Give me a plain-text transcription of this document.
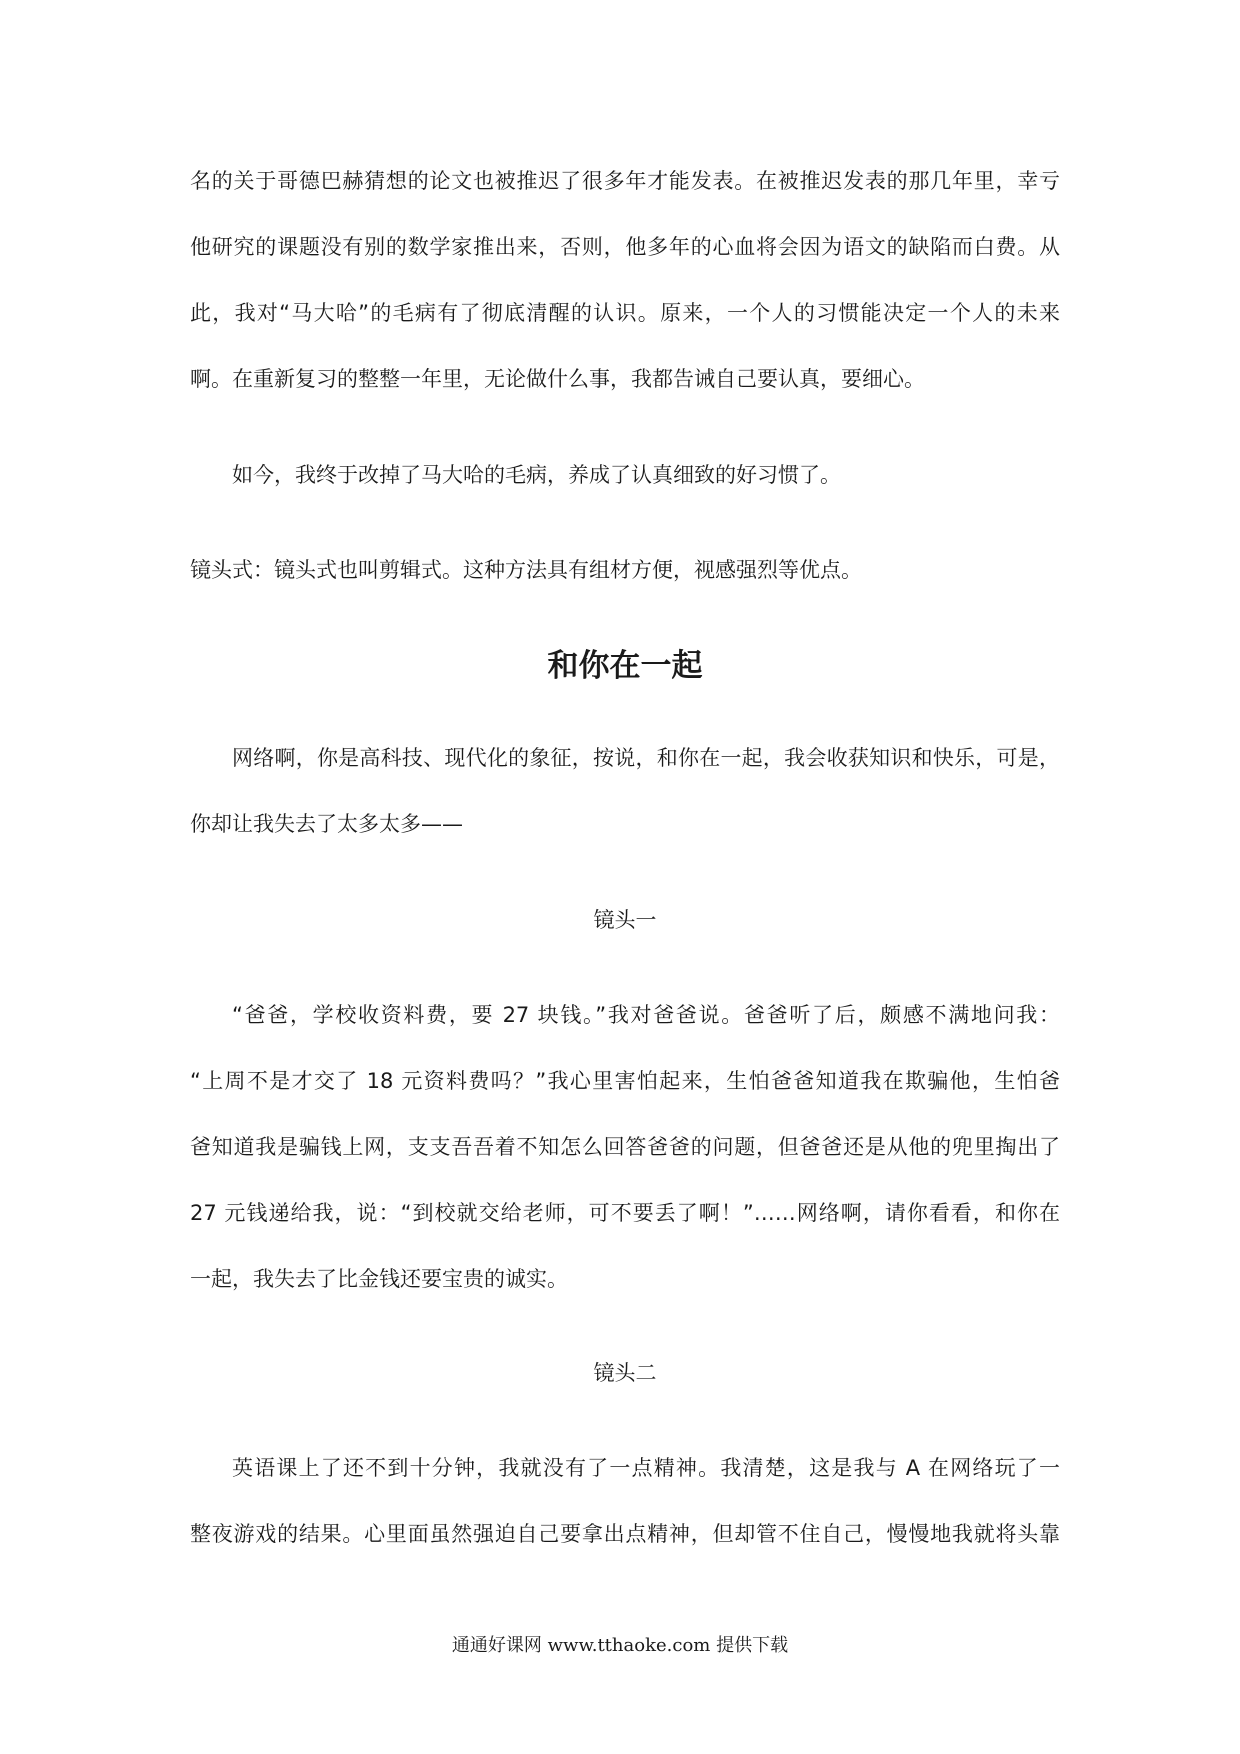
名的关于哥德巴赫猜想的论文也被推迟了很多年才能发表。在被推迟发表的那几年里，幸亏
他研究的课题没有别的数学家推出来，否则，他多年的心血将会因为语文的缺陷而白费。从
此，我对“马大哈”的毛病有了彻底清醒的认识。原来，一个人的习惯能决定一个人的未来
啊。在重新复习的整整一年里，无论做什么事，我都告诫自己要认真，要细心。
如今，我终于改掉了马大哈的毛病，养成了认真细致的好习惯了。
镜头式：镜头式也叫剪辑式。这种方法具有组材方便，视感强烈等优点。
和你在一起
网络啊，你是高科技、现代化的象征，按说，和你在一起，我会收获知识和快乐，可是，
你却让我失去了太多太多——
镜头一
“爸爸，学校收资料费，要 27 块钱。”我对爸爸说。爸爸听了后，颇感不满地问我：
“上周不是才交了 18 元资料费吗？”我心里害怕起来，生怕爸爸知道我在欺骗他，生怕爸
爸知道我是骗钱上网，支支吾吾着不知怎么回答爸爸的问题，但爸爸还是从他的兜里掏出了
27 元钱递给我，说：“到校就交给老师，可不要丢了啊！”……网络啊，请你看看，和你在
一起，我失去了比金钱还要宝贵的诚实。
镜头二
英语课上了还不到十分钟，我就没有了一点精神。我清楚，这是我与 A 在网络玩了一
整夜游戏的结果。心里面虽然强迫自己要拿出点精神，但却管不住自己，慢慢地我就将头靠
通通好课网 www.tthaoke.com 提供下载
